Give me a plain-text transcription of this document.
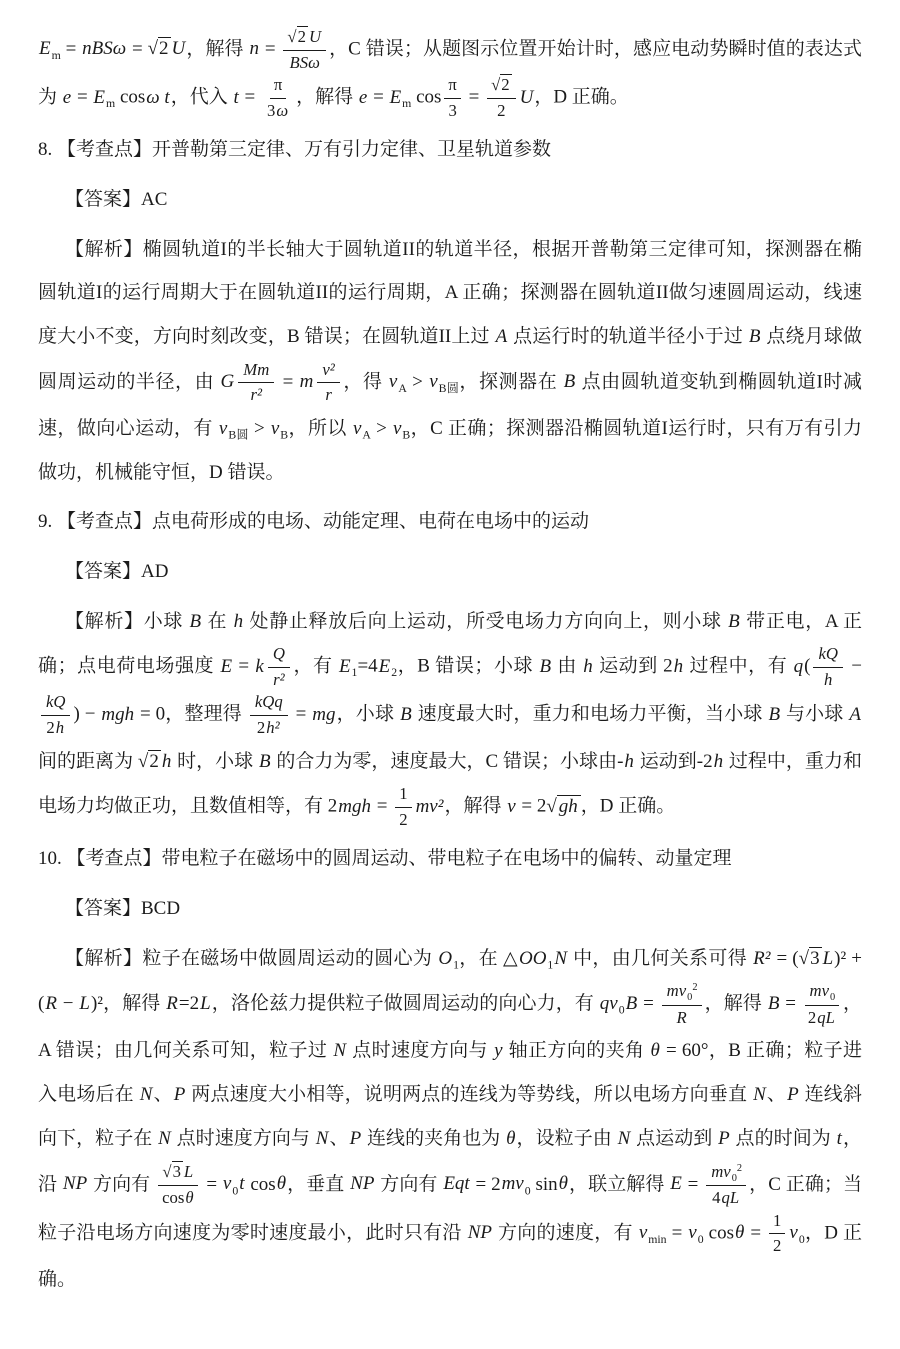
$E_m = nBS\omega$ = √ 2 U，解得 n = √ $\frac{2 U}{\text{BSω}}$ ，C 错误；从题图示位置开始计时，感应电动势瞬时值的表达式为 $e = E_m$ cosω t，代入 $t = \frac{\pi}{3\omega}$ ，解得 $e = E_m$ $\cos \frac{\pi}{3}$ = √ $\frac{2}{2}$ U，D 正确。

8. 【考查点】开普勒第三定律、万有引力定律、卫星轨道参数

【答案】AC

【解析】椭圆轨道I的半长轴大于圆轨道II的轨道半径，根据开普勒第三定律可知，探测器在椭圆轨道I的运行周期大于在圆轨道II的运行周期，A 正确；探测器在圆轨道II做匀速圆周运动，线速度大小不变，方向时刻改变，B 错误；在圆轨道II上过 A 点运行时的轨道半径小于过 B 点绕月球做圆周运动的半径，由 G $\frac{Mm}{\text{r²}} = m \frac{\text{v²}}{r}$ ，得 $v_A > v_{B圆}$，探测器在 B 点由圆轨道变轨到椭圆轨道I时减速，做向心运动，有 $v_{B圆} > v_B$，所以 $v_A > v_B$，C 正确；探测器沿椭圆轨道I运行时，只有万有引力做功，机械能守恒，D 错误。

9. 【考查点】点电荷形成的电场、动能定理、电荷在电场中的运动

【答案】AD

【解析】小球 B 在 h 处静止释放后向上运动，所受电场力方向向上，则小球 B 带正电，A 正确；点电荷电场强度 E = k $\frac{Q}{\text{r²}}$ ，有 $E_1=4E_2$，B 错误；小球 B 由 h 运动到 2h 过程中，有 $q( \frac{kQ}{h}$ −
$\frac{kQ}{2h}$ ) − mgh = 0，整理得 $\frac{\text{kQq}}{\text{2h²}}$ = mg，小球 B 速度最大时，重力和电场力平衡，当小球 B 与小球 A 间的距离为 √ 2 h 时，小球 B 的合力为零，速度最大，C 错误；小球由-h 运动到-2h 过程中，重力和电场力均做正功，且数值相等，有 $2mgh = \frac{1}{2} mv^2$，解得 v = 2 √ gh ，D 正确。

10. 【考查点】带电粒子在磁场中的圆周运动、带电粒子在电场中的偏转、动量定理

【答案】BCD

【解析】粒子在磁场中做圆周运动的圆心为 $O_1$，在 $\triangle OO_1N$ 中，由几何关系可得 R² = ( √ 3 L)² + (R − L)²，解得 R=2L，洛伦兹力提供粒子做圆周运动的向心力，有 $qv_0B = \frac{mv_0^2}{R}$ ，解得 $B = \frac{mv_0}{2qL}$ ，A 错误；由几何关系可知，粒子过 N 点时速度方向与 y 轴正方向的夹角 θ = 60°，B 正确；粒子进入电场后在 N、P 两点速度大小相等，说明两点的连线为等势线，所以电场方向垂直 N、P 连线斜向下，粒子在 N 点时速度方向与 N、P 连线的夹角也为 θ，设粒子由 N 点运动到 P 点的时间为 t，沿 NP 方向有 √ $\frac{3 L}{\cos\theta} = v_0t$ cosθ，垂直 NP 方向有 Eqt = $2mv_0$ sinθ，联立解得 $E = \frac{mv_0^2}{4qL}$ ，C 正确；当粒子沿电场方向速度为零时速度最小，此时只有沿 NP 方向的速度，有 $v_{min} = v_0$ $\cos\theta = \frac{1}{2} v_0$，D 正确。
